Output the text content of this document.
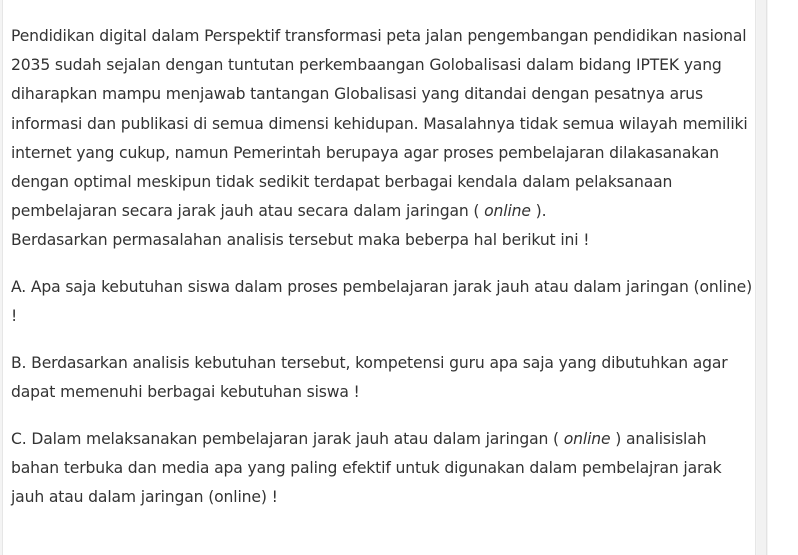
Pendidikan digital dalam Perspektif transformasi peta jalan pengembangan pendidikan nasional 2035 sudah sejalan dengan tuntutan perkembaangan Golobalisasi dalam bidang IPTEK yang diharapkan mampu menjawab tantangan Globalisasi yang ditandai dengan pesatnya arus informasi dan publikasi di semua dimensi kehidupan. Masalahnya tidak semua wilayah memiliki internet yang cukup, namun Pemerintah berupaya agar proses pembelajaran dilakasanakan dengan optimal meskipun tidak sedikit terdapat berbagai kendala dalam pelaksanaan pembelajaran secara jarak jauh atau secara dalam jaringan ( online ).
Berdasarkan permasalahan analisis tersebut maka beberpa hal berikut ini !

A. Apa saja kebutuhan siswa dalam proses pembelajaran jarak jauh atau dalam jaringan (online) !

B. Berdasarkan analisis kebutuhan tersebut, kompetensi guru apa saja yang dibutuhkan agar dapat memenuhi berbagai kebutuhan siswa !

C. Dalam melaksanakan pembelajaran jarak jauh atau dalam jaringan ( online ) analisislah bahan terbuka dan media apa yang paling efektif untuk digunakan dalam pembelajran jarak jauh atau dalam jaringan (online) !
